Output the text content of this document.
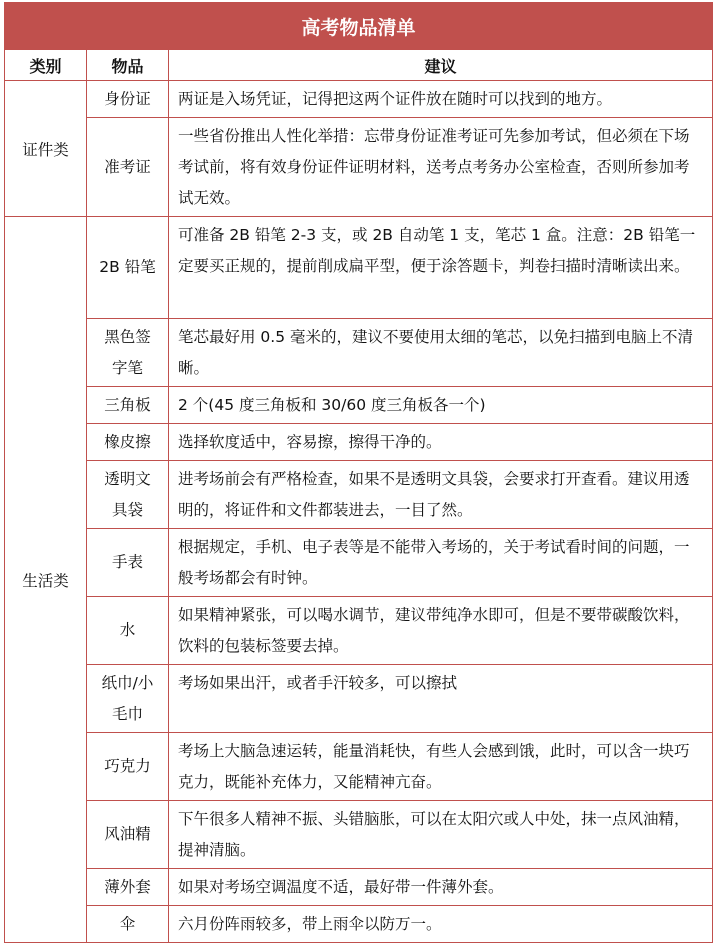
高考物品清单		
类别	物品	建议
证件类	身份证	两证是入场凭证，记得把这两个证件放在随时可以找到的地方。
	准考证	一些省份推出人性化举措：忘带身份证准考证可先参加考试，但必须在下场考试前，将有效身份证件证明材料，送考点考务办公室检查，否则所参加考试无效。
生活类	2B 铅笔	可准备 2B 铅笔 2-3 支，或 2B 自动笔 1 支，笔芯 1 盒。注意：2B 铅笔一定要买正规的，提前削成扁平型，便于涂答题卡，判卷扫描时清晰读出来。
	黑色签字笔	笔芯最好用 0.5 毫米的，建议不要使用太细的笔芯，以免扫描到电脑上不清晰。
	三角板	2 个(45 度三角板和 30/60 度三角板各一个)
	橡皮擦	选择软度适中，容易擦，擦得干净的。
	透明文具袋	进考场前会有严格检查，如果不是透明文具袋，会要求打开查看。建议用透明的，将证件和文件都装进去，一目了然。
	手表	根据规定，手机、电子表等是不能带入考场的，关于考试看时间的问题，一般考场都会有时钟。
	水	如果精神紧张，可以喝水调节，建议带纯净水即可，但是不要带碳酸饮料，饮料的包装标签要去掉。
	纸巾/小毛巾	考场如果出汗，或者手汗较多，可以擦拭
	巧克力	考场上大脑急速运转，能量消耗快，有些人会感到饿，此时，可以含一块巧克力，既能补充体力，又能精神亢奋。
	风油精	下午很多人精神不振、头错脑胀，可以在太阳穴或人中处，抹一点风油精，提神清脑。
	薄外套	如果对考场空调温度不适，最好带一件薄外套。
	伞	六月份阵雨较多，带上雨伞以防万一。
